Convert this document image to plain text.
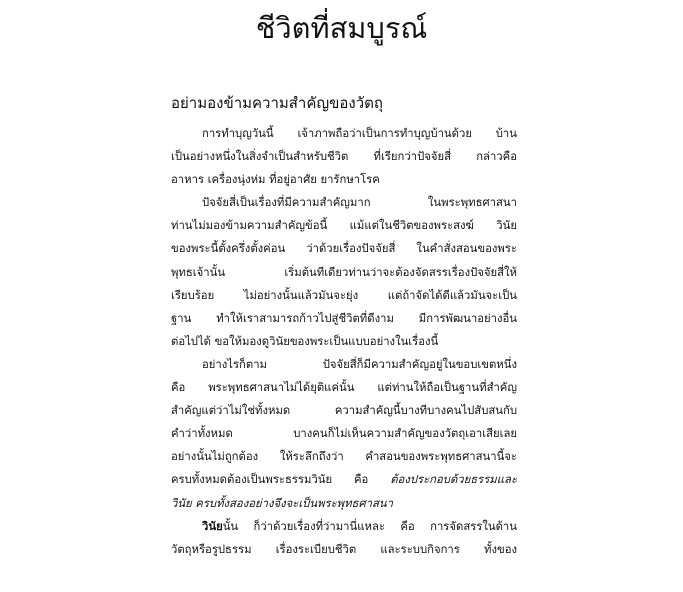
ชีวิตที่สมบูรณ์
อย่ามองข้ามความสำคัญของวัตถุ
การทำบุญวันนี้ เจ้าภาพถือว่าเป็นการทำบุญบ้านด้วย บ้าน
เป็นอย่างหนึ่งในสิ่งจำเป็นสำหรับชีวิต ที่เรียกว่าปัจจัยสี่ กล่าวคือ
อาหาร เครื่องนุ่งห่ม ที่อยู่อาศัย ยารักษาโรค
ปัจจัยสี่เป็นเรื่องที่มีความสำคัญมาก ในพระพุทธศาสนา
ท่านไม่มองข้ามความสำคัญข้อนี้ แม้แต่ในชีวิตของพระสงฆ์ วินัย
ของพระนี้ตั้งครึ่งตั้งค่อน ว่าด้วยเรื่องปัจจัยสี่ ในคำสั่งสอนของพระ
พุทธเจ้านั้น เริ่มต้นทีเดียวท่านว่าจะต้องจัดสรรเรื่องปัจจัยสี่ให้
เรียบร้อย ไม่อย่างนั้นแล้วมันจะยุ่ง แต่ถ้าจัดได้ดีแล้วมันจะเป็น
ฐาน ทำให้เราสามารถก้าวไปสู่ชีวิตที่ดีงาม มีการพัฒนาอย่างอื่น
ต่อไปได้ ขอให้มองดูวินัยของพระเป็นแบบอย่างในเรื่องนี้
อย่างไรก็ตาม ปัจจัยสี่ก็มีความสำคัญอยู่ในขอบเขตหนึ่ง
คือ พระพุทธศาสนาไม่ได้ยุติแค่นั้น แต่ท่านให้ถือเป็นฐานที่สำคัญ
สำคัญแต่ว่าไม่ใช่ทั้งหมด ความสำคัญนี้บางทีบางคนไปสับสนกับ
คำว่าทั้งหมด บางคนก็ไม่เห็นความสำคัญของวัตถุเอาเสียเลย
อย่างนั้นไม่ถูกต้อง ให้ระลึกถึงว่า คำสอนของพระพุทธศาสนานี้จะ
ครบทั้งหมดต้องเป็นพระธรรมวินัย คือ ต้องประกอบด้วยธรรมและ
วินัย ครบทั้งสองอย่างจึงจะเป็นพระพุทธศาสนา
วินัยนั้น ก็ว่าด้วยเรื่องที่ว่ามานี่แหละ คือ การจัดสรรในด้าน
วัตถุหรือรูปธรรม เรื่องระเบียบชีวิต และระบบกิจการ ทั้งของ
